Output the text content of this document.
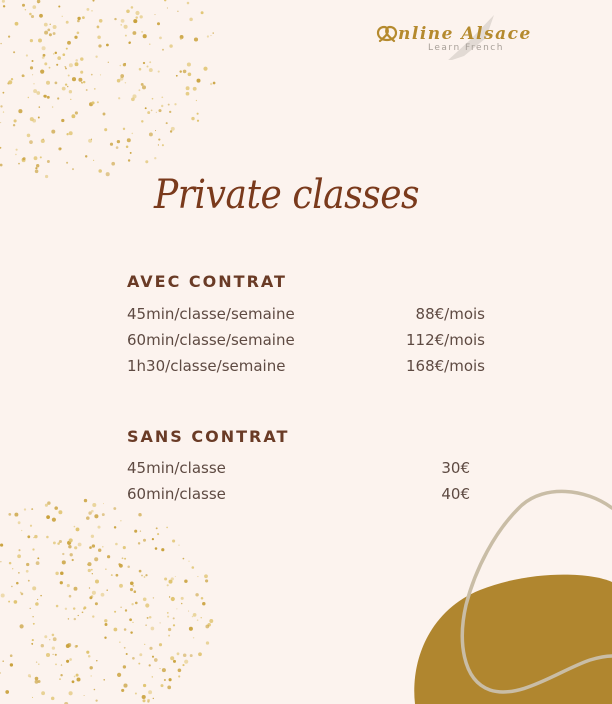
nline Alsace
Learn French
Private classes
AVEC CONTRAT
45min/classe/semaine	88€/mois
60min/classe/semaine	112€/mois
1h30/classe/semaine	168€/mois
SANS CONTRAT
45min/classe	30€
60min/classe	40€
